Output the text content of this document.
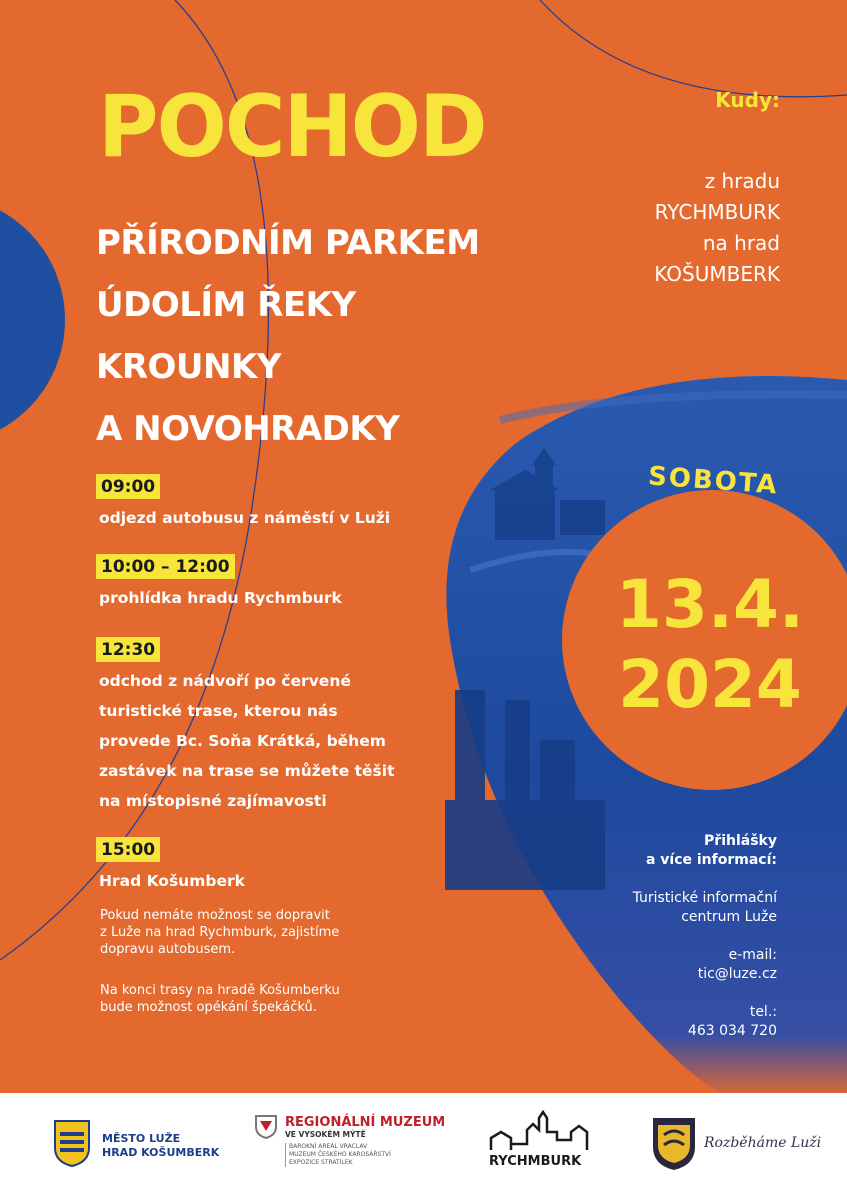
POCHOD
PŘÍRODNÍM PARKEM
ÚDOLÍM ŘEKY
KROUNKY
A NOVOHRADKY
Kudy:
z hradu
RYCHMBURK
na hrad
KOŠUMBERK
SOBOTA
13.4.
2024
09:00
odjezd autobusu z náměstí v Luži
10:00 – 12:00
prohlídka hradu Rychmburk
12:30
odchod z nádvoří po červené
turistické trase, kterou nás
provede Bc. Soňa Krátká, během
zastávek na trase se můžete těšit
na místopisné zajímavosti
15:00
Hrad Košumberk

Pokud nemáte možnost se dopravit
z Luže na hrad Rychmburk, zajistíme
dopravu autobusem.

Na konci trasy na hradě Košumberku
bude možnost opékání špekáčků.

Přihlášky
a více informací:

Turistické informační
centrum Luže

e-mail:
tic@luze.cz

tel.:
463 034 720

MĚSTO LUŽE
HRAD KOŠUMBERK
REGIONÁLNÍ MUZEUM
VE VYSOKÉM MÝTĚ
BAROKNÍ AREÁL VRACLAV
MUZEUM ČESKÉHO KAROSÁŘSTVÍ
EXPOZICE STRATÍLEK	RYCHMBURK
Rozběháme Luži
